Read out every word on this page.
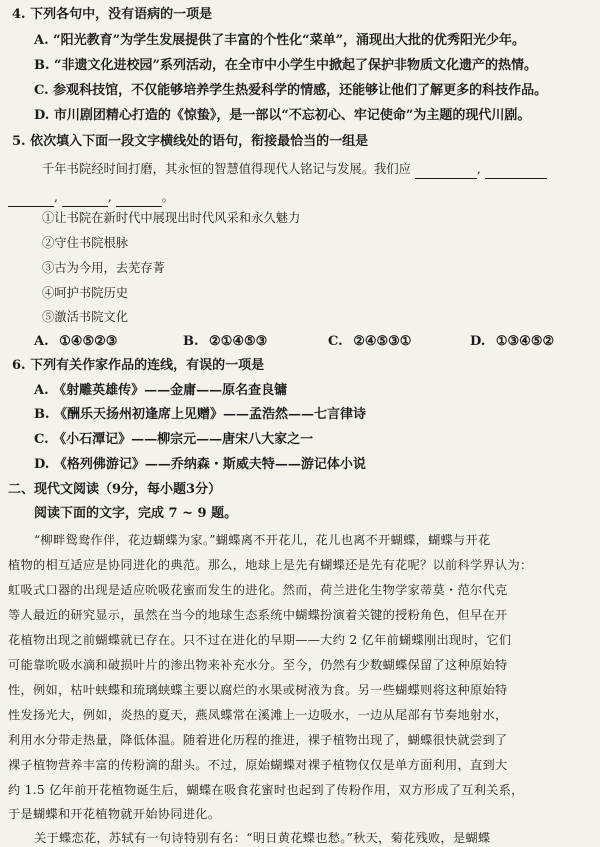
4. 下列各句中，没有语病的一项是
A. “阳光教育”为学生发展提供了丰富的个性化“菜单”，涌现出大批的优秀阳光少年。
B. “非遗文化进校园”系列活动，在全市中小学生中掀起了保护非物质文化遗产的热情。
C. 参观科技馆，不仅能够培养学生热爱科学的情感，还能够让他们了解更多的科技作品。
D. 市川剧团精心打造的《惊蛰》，是一部以“不忘初心、牢记使命”为主题的现代川剧。
5. 依次填入下面一段文字横线处的语句，衔接最恰当的一组是
千年书院经时间打磨，其永恒的智慧值得现代人铭记与发展。我们应	,
,	,	。
①让书院在新时代中展现出时代风采和永久魅力
②守住书院根脉
③古为今用，去芜存菁
④呵护书院历史
⑤激活书院文化
A. ①④⑤②③	B. ②①④⑤③	C. ②④⑤③①	D. ①③④⑤②
6. 下列有关作家作品的连线，有误的一项是
A. 《射雕英雄传》——金庸——原名查良镛
B. 《酬乐天扬州初逢席上见赠》——孟浩然——七言律诗
C. 《小石潭记》——柳宗元——唐宋八大家之一
D. 《格列佛游记》——乔纳森・斯威夫特——游记体小说
二、现代文阅读（9分，每小题3分）
阅读下面的文字，完成 7 ~ 9 题。
“柳畔鸳鸯作伴，花边蝴蝶为家。”蝴蝶离不开花儿，花儿也离不开蝴蝶，蝴蝶与开花
植物的相互适应是协同进化的典范。那么，地球上是先有蝴蝶还是先有花呢？以前科学界认为：
虹吸式口器的出现是适应吮吸花蜜而发生的进化。然而，荷兰进化生物学家蒂莫・范尔代克
等人最近的研究显示，虽然在当今的地球生态系统中蝴蝶扮演着关键的授粉角色，但早在开
花植物出现之前蝴蝶就已存在。只不过在进化的早期——大约 2 亿年前蝴蝶刚出现时，它们
可能靠吮吸水滴和破损叶片的渗出物来补充水分。至今，仍然有少数蝴蝶保留了这种原始特
性，例如，枯叶蛱蝶和琉璃蛱蝶主要以腐烂的水果或树液为食。另一些蝴蝶则将这种原始特
性发扬光大，例如，炎热的夏天，燕凤蝶常在溪滩上一边吸水，一边从尾部有节奏地射水，
利用水分带走热量，降低体温。随着进化历程的推进，裸子植物出现了，蝴蝶很快就尝到了
裸子植物营养丰富的传粉滴的甜头。不过，原始蝴蝶对裸子植物仅仅是单方面利用，直到大
约 1.5 亿年前开花植物诞生后，蝴蝶在吸食花蜜时也起到了传粉作用，双方形成了互利关系，
于是蝴蝶和开花植物就开始协同进化。
关于蝶恋花，苏轼有一句诗特别有名：“明日黄花蝶也愁。”秋天，菊花残败，是蝴蝶
